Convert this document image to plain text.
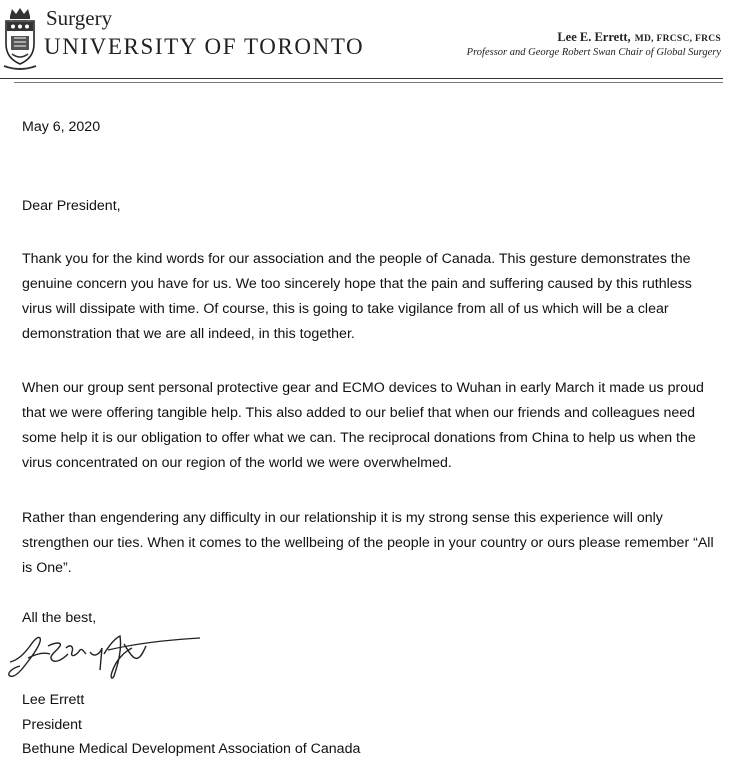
Surgery
UNIVERSITY OF TORONTO	Lee E. Errett, MD, FRCSC, FRCS
Professor and George Robert Swan Chair of Global Surgery
May 6, 2020
Dear President,

Thank you for the kind words for our association and the people of Canada. This gesture demonstrates the genuine concern you have for us. We too sincerely hope that the pain and suffering caused by this ruthless virus will dissipate with time. Of course, this is going to take vigilance from all of us which will be a clear demonstration that we are all indeed, in this together.

When our group sent personal protective gear and ECMO devices to Wuhan in early March it made us proud that we were offering tangible help. This also added to our belief that when our friends and colleagues need some help it is our obligation to offer what we can. The reciprocal donations from China to help us when the virus concentrated on our region of the world we were overwhelmed.

Rather than engendering any difficulty in our relationship it is my strong sense this experience will only strengthen our ties. When it comes to the wellbeing of the people in your country or ours please remember “All is One”.

All the best,
Lee Errett
President
Bethune Medical Development Association of Canada
